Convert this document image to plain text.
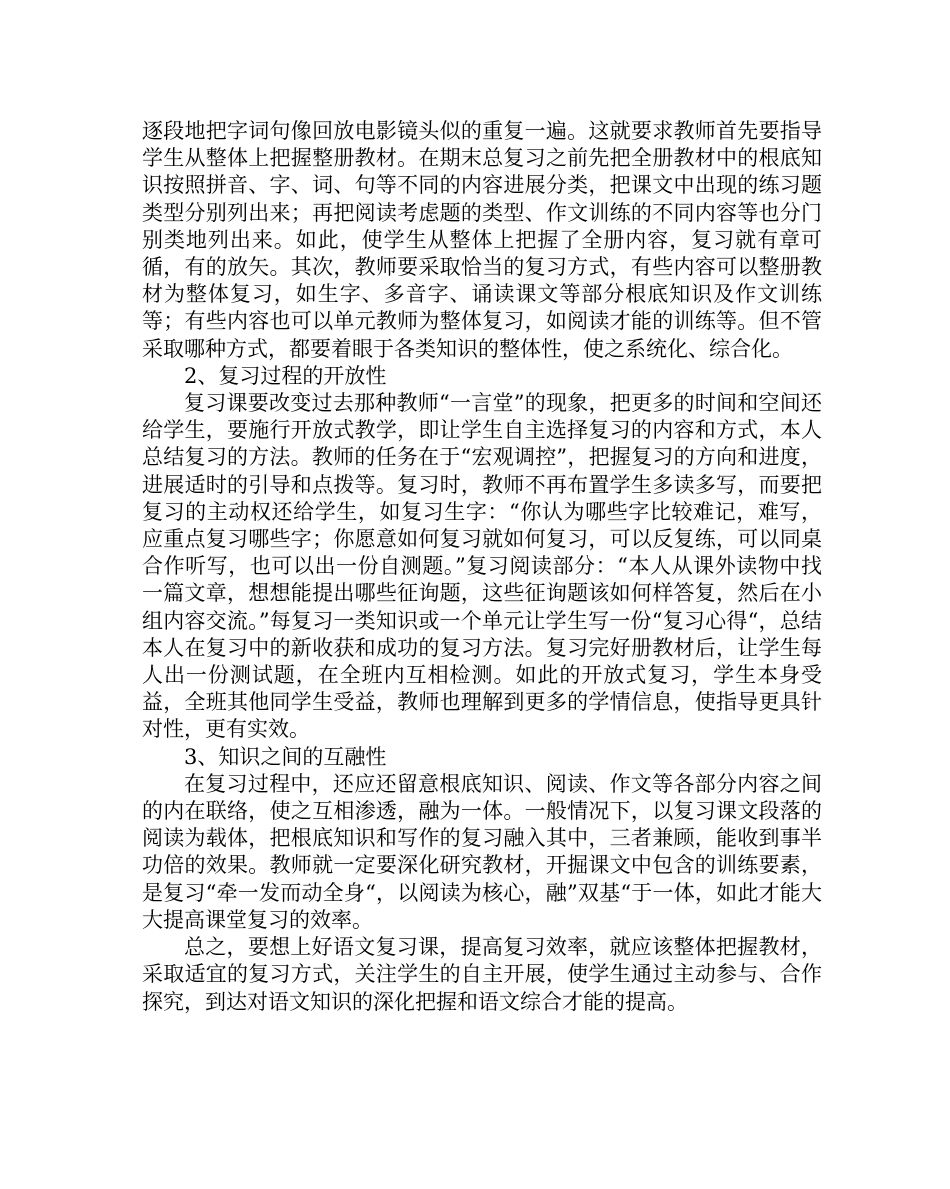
逐段地把字词句像回放电影镜头似的重复一遍。这就要求教师首先要指导学生从整体上把握整册教材。在期末总复习之前先把全册教材中的根底知识按照拼音、字、词、句等不同的内容进展分类，把课文中出现的练习题类型分别列出来；再把阅读考虑题的类型、作文训练的不同内容等也分门别类地列出来。如此，使学生从整体上把握了全册内容，复习就有章可循，有的放矢。其次，教师要采取恰当的复习方式，有些内容可以整册教材为整体复习，如生字、多音字、诵读课文等部分根底知识及作文训练等；有些内容也可以单元教师为整体复习，如阅读才能的训练等。但不管采取哪种方式，都要着眼于各类知识的整体性，使之系统化、综合化。

2、复习过程的开放性

复习课要改变过去那种教师“一言堂”的现象，把更多的时间和空间还给学生，要施行开放式教学，即让学生自主选择复习的内容和方式，本人总结复习的方法。教师的任务在于“宏观调控”，把握复习的方向和进度，进展适时的引导和点拨等。复习时，教师不再布置学生多读多写，而要把复习的主动权还给学生，如复习生字：“你认为哪些字比较难记，难写，应重点复习哪些字；你愿意如何复习就如何复习，可以反复练，可以同桌合作听写，也可以出一份自测题。”复习阅读部分：“本人从课外读物中找一篇文章，想想能提出哪些征询题，这些征询题该如何样答复，然后在小组内容交流。”每复习一类知识或一个单元让学生写一份“复习心得“，总结本人在复习中的新收获和成功的复习方法。复习完好册教材后，让学生每人出一份测试题，在全班内互相检测。如此的开放式复习，学生本身受益，全班其他同学生受益，教师也理解到更多的学情信息，使指导更具针对性，更有实效。

3、知识之间的互融性

在复习过程中，还应还留意根底知识、阅读、作文等各部分内容之间的内在联络，使之互相渗透，融为一体。一般情况下，以复习课文段落的阅读为载体，把根底知识和写作的复习融入其中，三者兼顾，能收到事半功倍的效果。教师就一定要深化研究教材，开掘课文中包含的训练要素，是复习“牵一发而动全身“，以阅读为核心，融”双基“于一体，如此才能大大提高课堂复习的效率。

总之，要想上好语文复习课，提高复习效率，就应该整体把握教材，采取适宜的复习方式，关注学生的自主开展，使学生通过主动参与、合作探究，到达对语文知识的深化把握和语文综合才能的提高。
